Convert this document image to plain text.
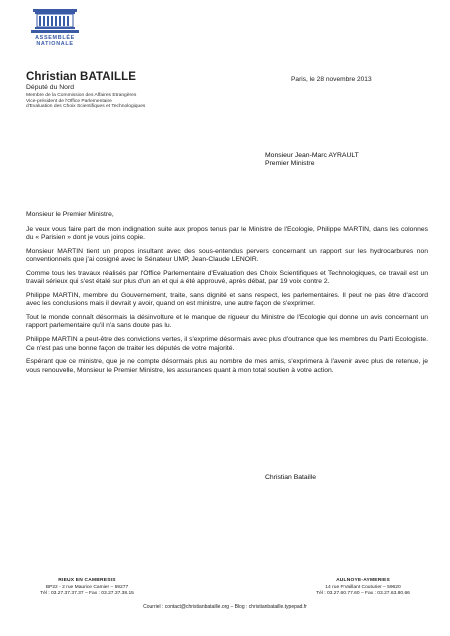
ASSEMBLÉE
NATIONALE
Christian BATAILLE
Député du Nord
Membre de la Commission des Affaires Etrangères
Vice-président de l'Office Parlementaire
d'Evaluation des Choix Scientifiques et Technologiques
Paris, le 28 novembre 2013
Monsieur Jean-Marc AYRAULT
Premier Ministre

Monsieur le Premier Ministre,

Je veux vous faire part de mon indignation suite aux propos tenus par le Ministre de l'Ecologie, Philippe MARTIN, dans les colonnes du « Parisien » dont je vous joins copie.

Monsieur MARTIN tient un propos insultant avec des sous-entendus pervers concernant un rapport sur les hydrocarbures non conventionnels que j'ai cosigné avec le Sénateur UMP, Jean-Claude LENOIR.

Comme tous les travaux réalisés par l'Office Parlementaire d'Evaluation des Choix Scientifiques et Technologiques, ce travail est un travail sérieux qui s'est étalé sur plus d'un an et qui a été approuvé, après débat, par 19 voix contre 2.

Philippe MARTIN, membre du Gouvernement, traite, sans dignité et sans respect, les parlementaires. Il peut ne pas être d'accord avec les conclusions mais il devrait y avoir, quand on est ministre, une autre façon de s'exprimer.

Tout le monde connaît désormais la désinvolture et le manque de rigueur du Ministre de l'Ecologie qui donne un avis concernant un rapport parlementaire qu'il n'a sans doute pas lu.

Philippe MARTIN a peut-être des convictions vertes, il s'exprime désormais avec plus d'outrance que les membres du Parti Ecologiste. Ce n'est pas une bonne façon de traiter les députés de votre majorité.

Espérant que ce ministre, que je ne compte désormais plus au nombre de mes amis, s'exprimera à l'avenir avec plus de retenue, je vous renouvelle, Monsieur le Premier Ministre, les assurances quant à mon total soutien à votre action.

Christian Bataille
RIEUX EN CAMBRESIS
BP22 - 2 rue Maurice Camier – 59277
Tél : 03.27.37.37.37 – Fax : 03.27.37.38.15
AULNOYE-AYMERIES
14 rue P.Vaillant Couturier – 59620
Tél : 03.27.60.77.60 – Fax : 03.27.63.80.66
Courriel : contact@christianbataille.org – Blog : christianbataille.typepad.fr
